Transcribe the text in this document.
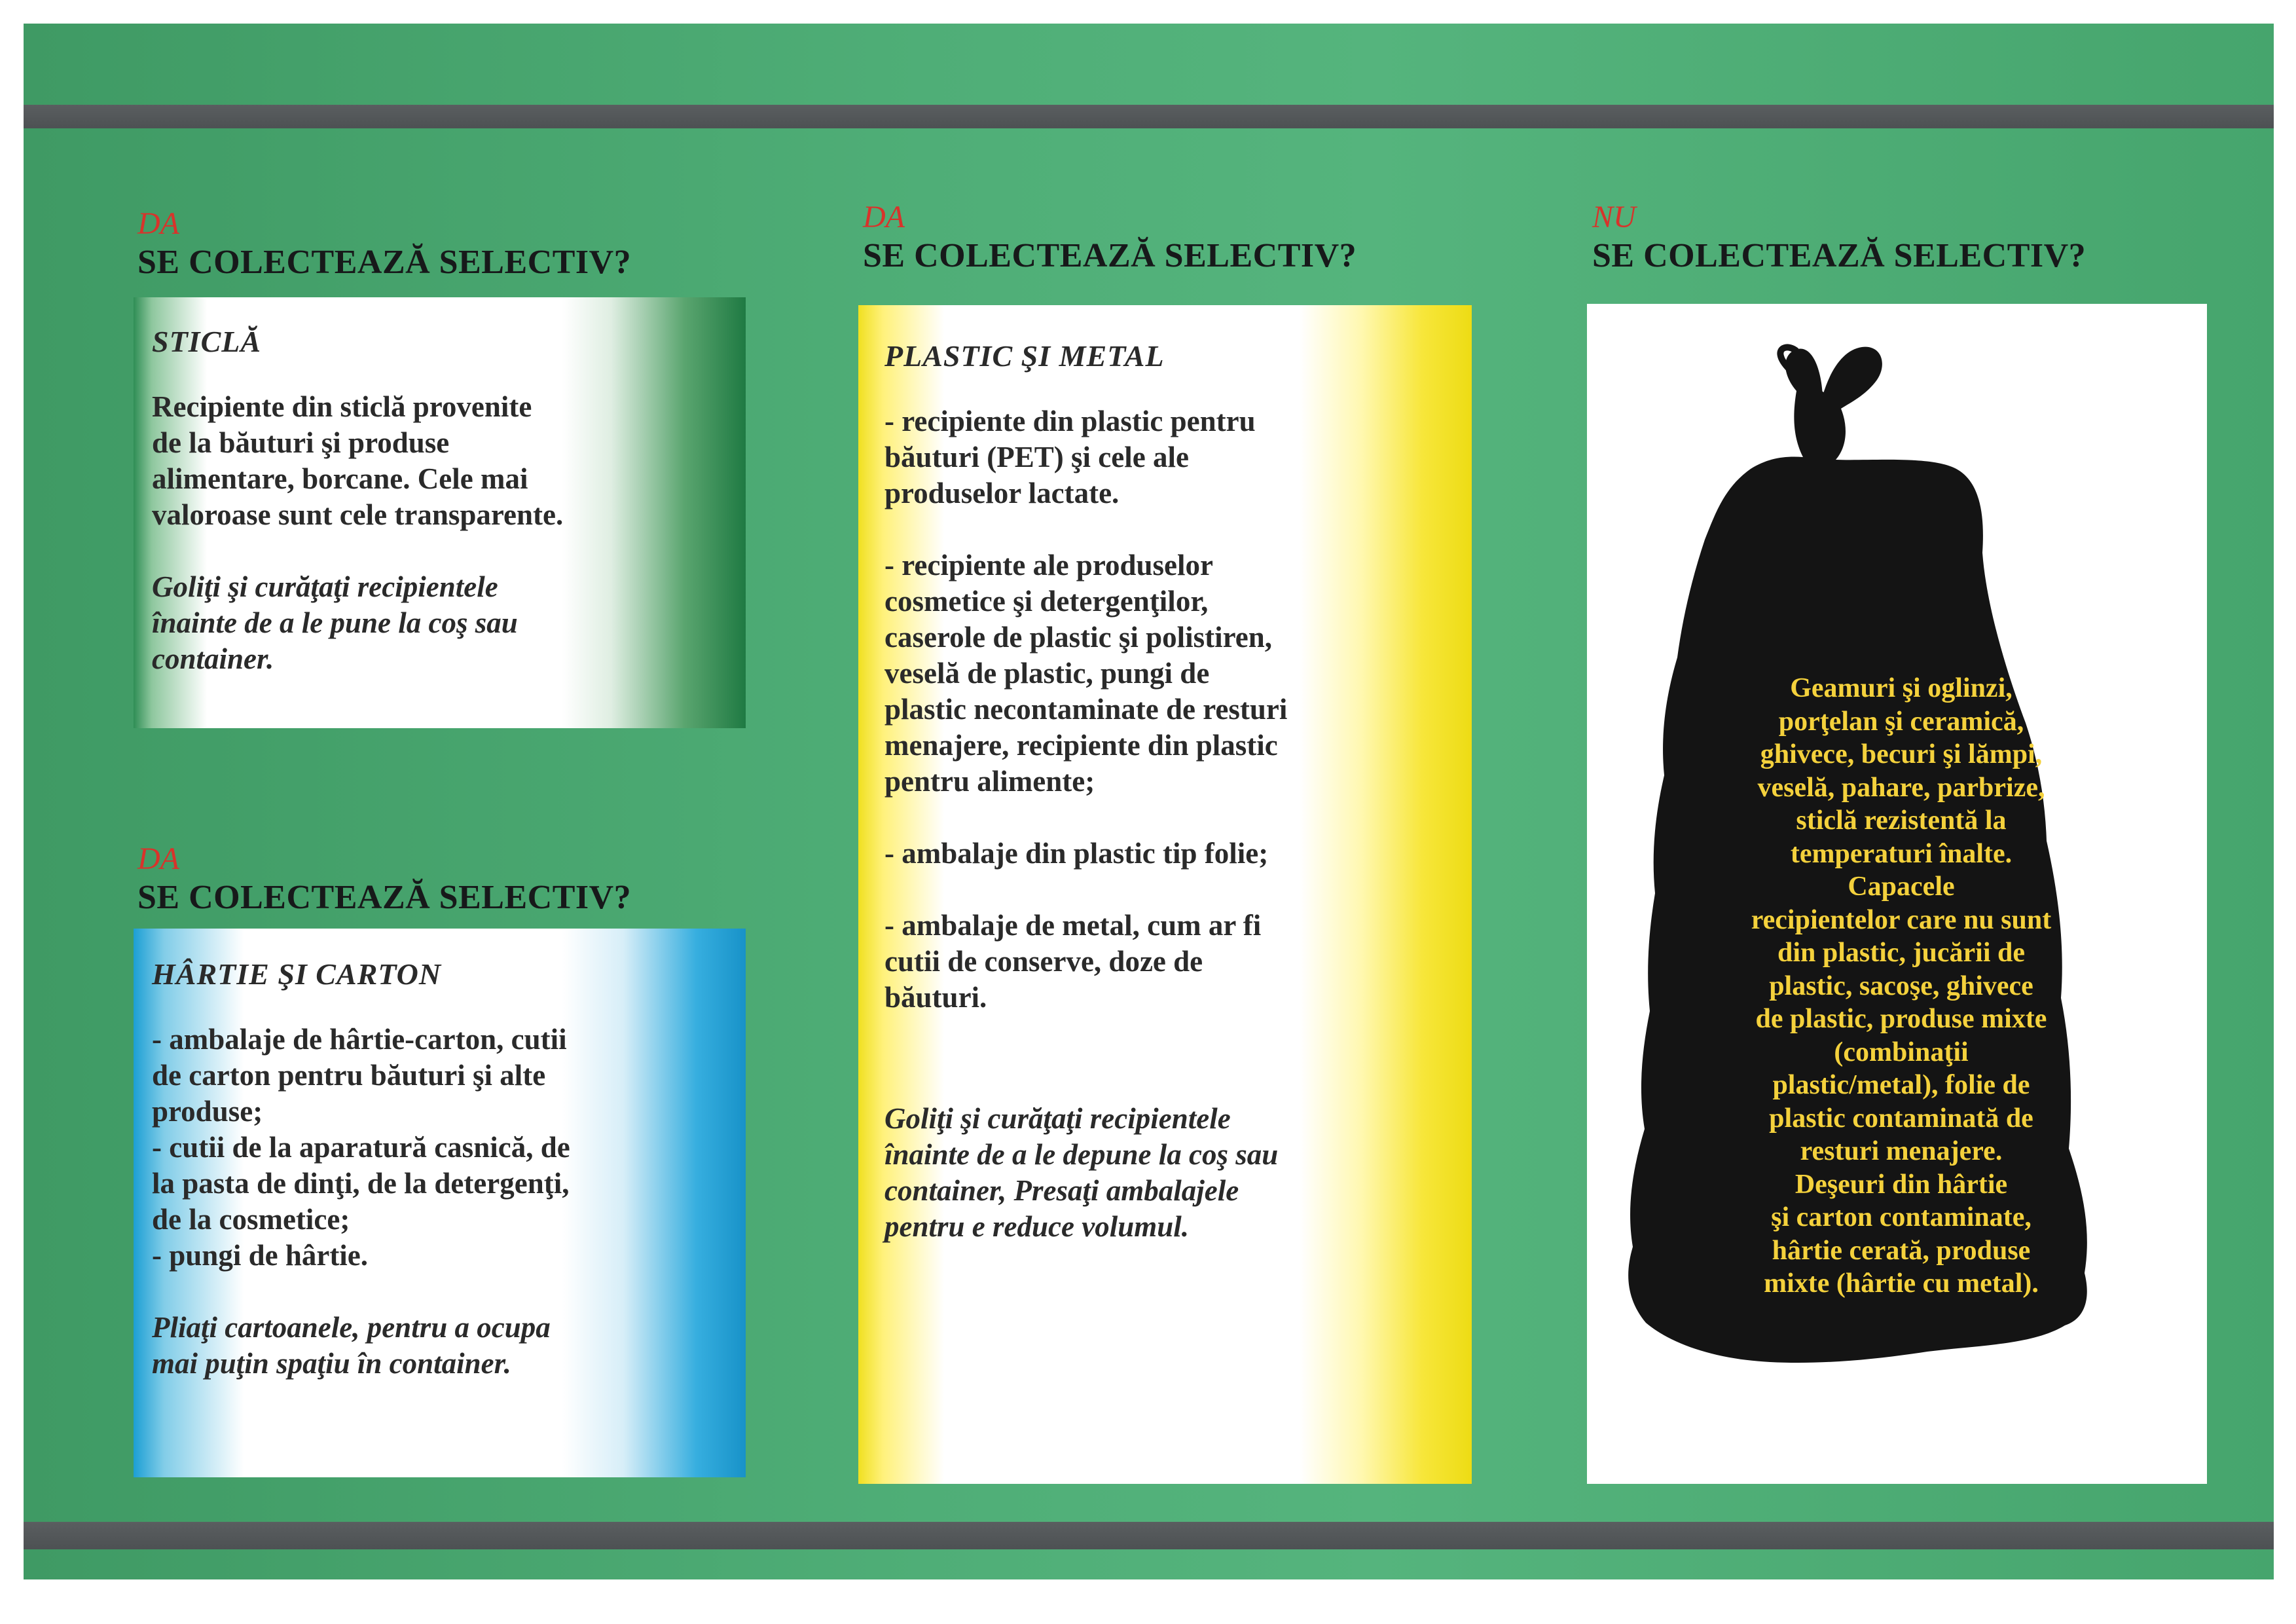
DA
SE COLECTEAZĂ SELECTIV?
STICLĂ
Recipiente din sticlă provenite
de la băuturi şi produse
alimentare, borcane. Cele mai
valoroase sunt cele transparente.
Goliţi şi curăţaţi recipientele
înainte de a le pune la coş sau
container.
DA
SE COLECTEAZĂ SELECTIV?
HÂRTIE ŞI CARTON
- ambalaje de hârtie-carton, cutii
de carton pentru băuturi şi alte
produse;
- cutii de la aparatură casnică, de
la pasta de dinţi, de la detergenţi,
de la cosmetice;
- pungi de hârtie.
Pliaţi cartoanele, pentru a ocupa
mai puţin spaţiu în container.
DA
SE COLECTEAZĂ SELECTIV?
PLASTIC ŞI METAL
- recipiente din plastic pentru
băuturi (PET) şi cele ale
produselor lactate.
- recipiente ale produselor
cosmetice şi detergenţilor,
caserole de plastic şi polistiren,
veselă de plastic, pungi de
plastic necontaminate de resturi
menajere, recipiente din plastic
pentru alimente;
- ambalaje din plastic tip folie;
- ambalaje de metal, cum ar fi
cutii de conserve, doze de
băuturi.
Goliţi şi curăţaţi recipientele
înainte de a le depune la coş sau
container, Presaţi ambalajele
pentru e reduce volumul.
NU
SE COLECTEAZĂ SELECTIV?
Geamuri şi oglinzi,
porţelan şi ceramică,
ghivece, becuri şi lămpi,
veselă, pahare, parbrize,
sticlă rezistentă la
temperaturi înalte.
Capacele
recipientelor care nu sunt
din plastic, jucării de
plastic, sacoşe, ghivece
de plastic, produse mixte
(combinaţii
plastic/metal), folie de
plastic contaminată de
resturi menajere.
Deşeuri din hârtie
şi carton contaminate,
hârtie cerată, produse
mixte (hârtie cu metal).
